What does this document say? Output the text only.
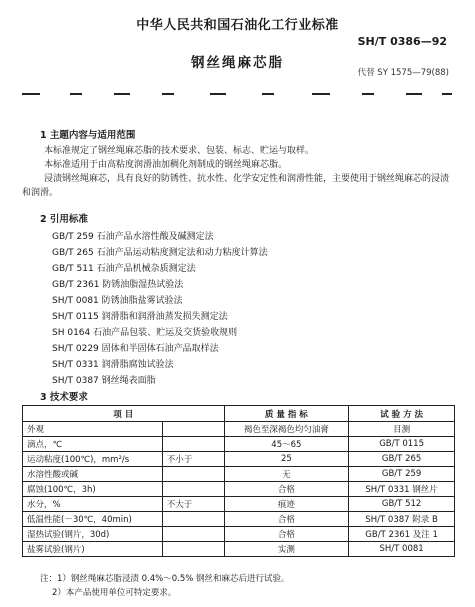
中华人民共和国石油化工行业标准
SH/T 0386—92
钢丝绳麻芯脂
代替 SY 1575—79(88)
1 主题内容与适用范围
本标准规定了钢丝绳麻芯脂的技术要求、包装、标志、贮运与取样。
本标准适用于由高粘度润滑油加稠化剂制成的钢丝绳麻芯脂。
浸渍钢丝绳麻芯，具有良好的防锈性、抗水性、化学安定性和润滑性能，主要使用于钢丝绳麻芯的浸渍和润滑。
2 引用标准
GB/T 259 石油产品水溶性酸及碱测定法
GB/T 265 石油产品运动粘度测定法和动力粘度计算法
GB/T 511 石油产品机械杂质测定法
GB/T 2361 防锈油脂湿热试验法
SH/T 0081 防锈油脂盐雾试验法
SH/T 0115 润滑脂和润滑油蒸发损失测定法
SH 0164 石油产品包装、贮运及交货验收规则
SH/T 0229 固体和半固体石油产品取样法
SH/T 0331 润滑脂腐蚀试验法
SH/T 0387 钢丝绳表面脂
3 技术要求
项 目		质 量 指 标	试 验 方 法
外观		褐色至深褐色均匀油膏	目测
滴点，℃		45～65	GB/T 0115
运动粘度(100℃)，mm²/s	不小于	25	GB/T 265
水溶性酸或碱		无	GB/T 259
腐蚀(100℃，3h)		合格	SH/T 0331 钢丝片
水分，%	不大于	痕迹	GB/T 512
低温性能(－30℃，40min)		合格	SH/T 0387 附录 B
湿热试验(钢片，30d)		合格	GB/T 2361 及注 1
盐雾试验(钢片)		实测	SH/T 0081
注：1）钢丝绳麻芯脂浸渍 0.4%～0.5% 钢丝和麻芯后进行试验。
2）本产品使用单位可特定要求。
